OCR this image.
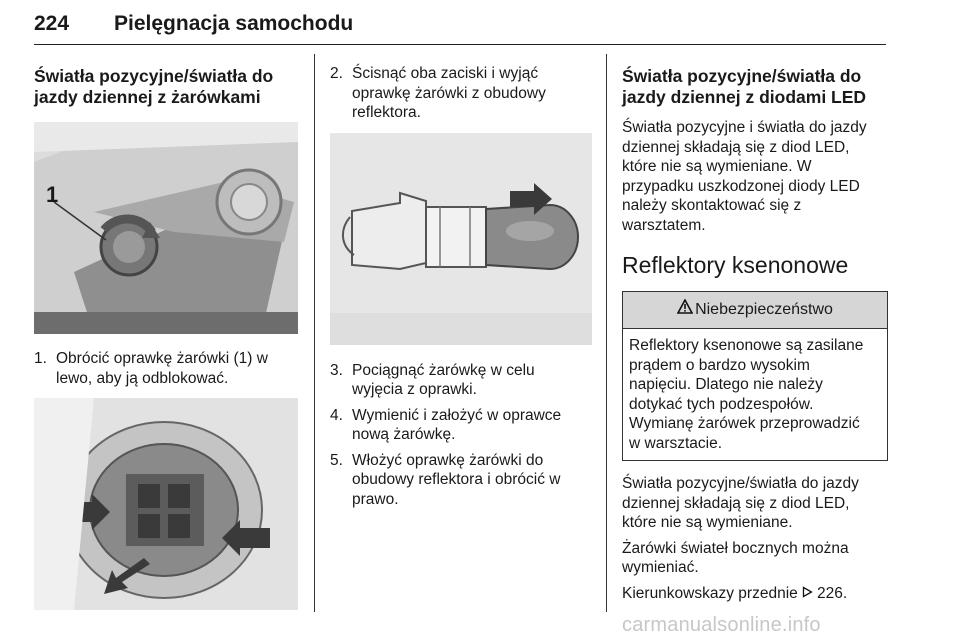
224 Pielęgnacja samochodu
Światła pozycyjne/światła do
jazdy dziennej z żarówkami
1
1. Obrócić oprawkę żarówki (1) w
lewo, aby ją odblokować.
2. Ścisnąć oba zaciski i wyjąć
oprawkę żarówki z obudowy
reflektora.
3. Pociągnąć żarówkę w celu
wyjęcia z oprawki.
4. Wymienić i założyć w oprawce
nową żarówkę.
5. Włożyć oprawkę żarówki do
obudowy reflektora i obrócić w
prawo.
Światła pozycyjne/światła do
jazdy dziennej z diodami LED

Światła pozycyjne i światła do jazdy
dziennej składają się z diod LED,
które nie są wymieniane. W
przypadku uszkodzonej diody LED
należy skontaktować się z
warsztatem.

Reflektory ksenonowe
Niebezpieczeństwo
Reflektory ksenonowe są zasilane
prądem o bardzo wysokim
napięciu. Dlatego nie należy
dotykać tych podzespołów.
Wymianę żarówek przeprowadzić
w warsztacie.

Światła pozycyjne/światła do jazdy
dziennej składają się z diod LED,
które nie są wymieniane.

Żarówki świateł bocznych można
wymieniać.

Kierunkowskazy przednie 226.

carmanualsonline.info
